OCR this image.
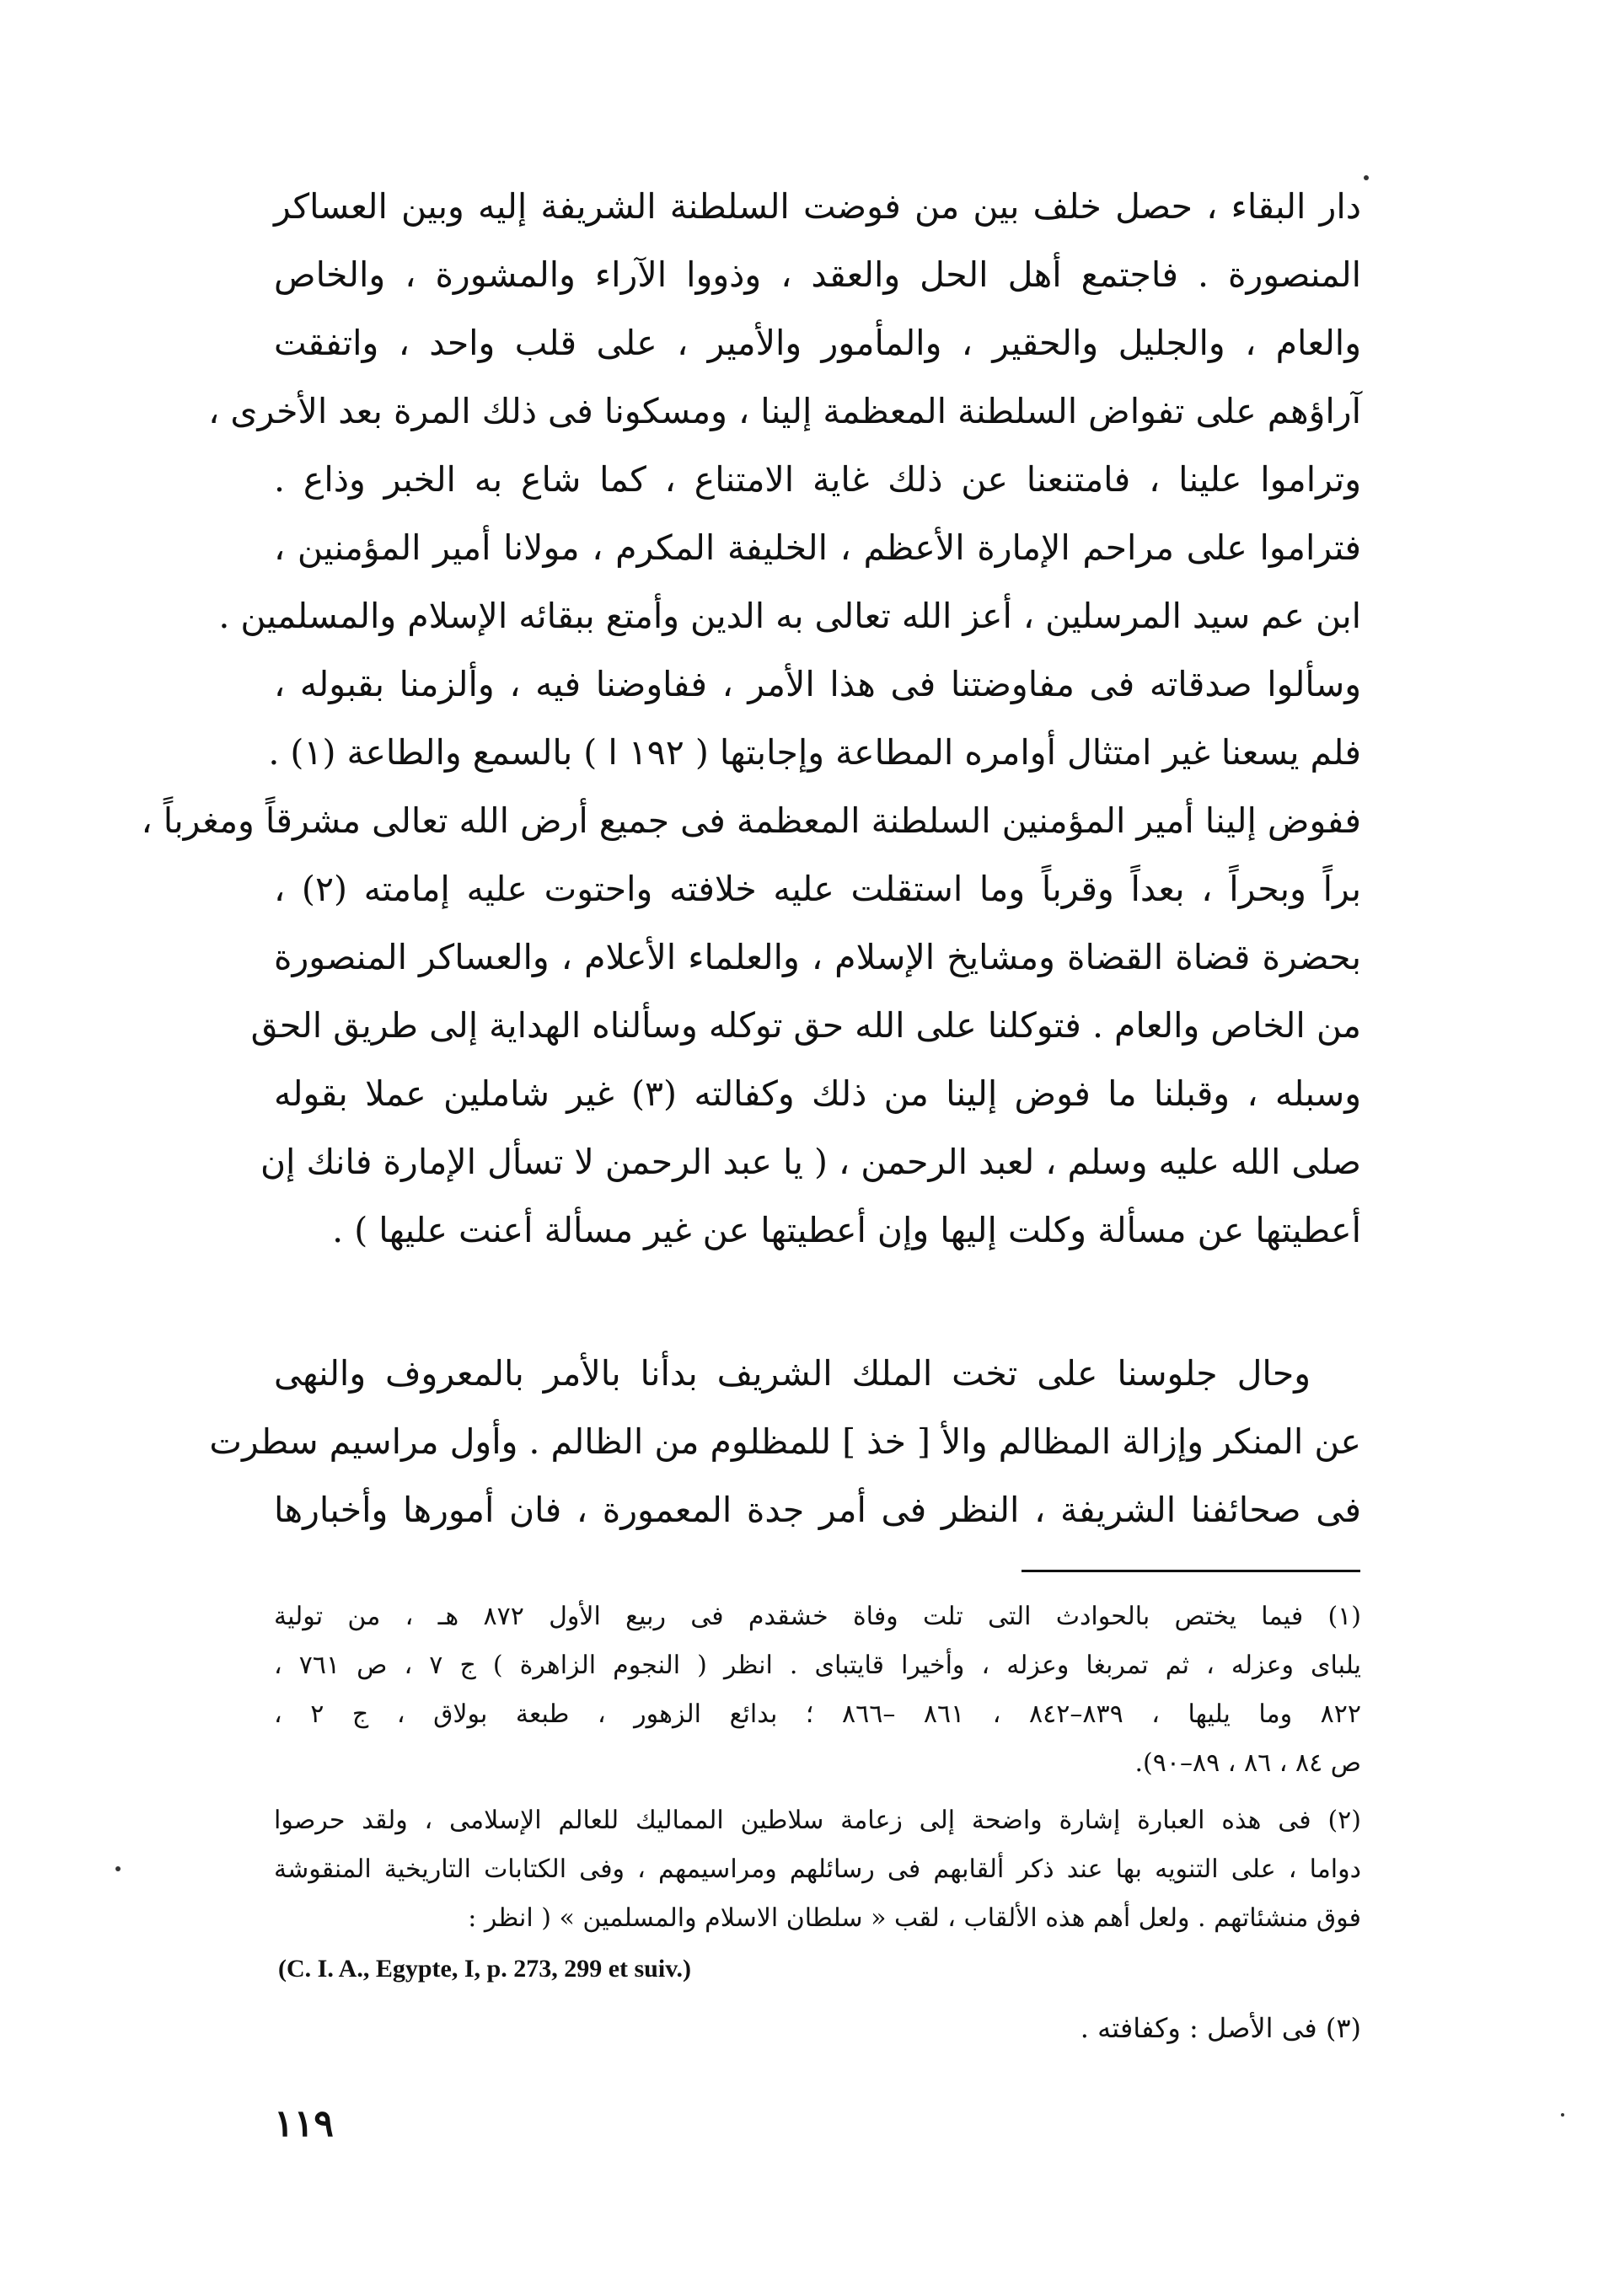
دار البقاء ، حصل خلف بين من فوضت السلطنة الشريفة إليه وبين العساكر
المنصورة . فاجتمع أهل الحل والعقد ، وذووا الآراء والمشورة ، والخاص
والعام ، والجليل والحقير ، والمأمور والأمير ، على قلب واحد ، واتفقت
آراؤهم على تفواض السلطنة المعظمة إلينا ، ومسكونا فى ذلك المرة بعد الأخرى ،
وتراموا علينا ، فامتنعنا عن ذلك غاية الامتناع ، كما شاع به الخبر وذاع .
فتراموا على مراحم الإمارة الأعظم ، الخليفة المكرم ، مولانا أمير المؤمنين ،
ابن عم سيد المرسلين ، أعز الله تعالى به الدين وأمتع ببقائه الإسلام والمسلمين .
وسألوا صدقاته فى مفاوضتنا فى هذا الأمر ، ففاوضنا فيه ، وألزمنا بقبوله ،
فلم يسعنا غير امتثال أوامره المطاعة وإجابتها ( ١٩٢ ا ) بالسمع والطاعة (١) .
ففوض إلينا أمير المؤمنين السلطنة المعظمة فى جميع أرض الله تعالى مشرقاً ومغرباً ،
براً وبحراً ، بعداً وقرباً وما استقلت عليه خلافته واحتوت عليه إمامته (٢) ،
بحضرة قضاة القضاة ومشايخ الإسلام ، والعلماء الأعلام ، والعساكر المنصورة
من الخاص والعام . فتوكلنا على الله حق توكله وسألناه الهداية إلى طريق الحق
وسبله ، وقبلنا ما فوض إلينا من ذلك وكفالته (٣) غير شاملين عملا بقوله
صلى الله عليه وسلم ، لعبد الرحمن ، ( يا عبد الرحمن لا تسأل الإمارة فانك إن
أعطيتها عن مسألة وكلت إليها وإن أعطيتها عن غير مسألة أعنت عليها ) .
وحال جلوسنا على تخت الملك الشريف بدأنا بالأمر بالمعروف والنهى
عن المنكر وإزالة المظالم والأ [ خذ ] للمظلوم من الظالم . وأول مراسيم سطرت
فى صحائفنا الشريفة ، النظر فى أمر جدة المعمورة ، فان أمورها وأخبارها
(١) فيما يختص بالحوادث التى تلت وفاة خشقدم فى ربيع الأول ٨٧٢ هـ ، من تولية
يلباى وعزله ، ثم تمربغا وعزله ، وأخيرا قايتباى . انظر ( النجوم الزاهرة ) ج ٧ ، ص ٧٦١ ،
٨٢٢ وما يليها ، ٨٣٩–٨٤٢ ، ٨٦١ –٨٦٦ ؛ بدائع الزهور ، طبعة بولاق ، ج ٢ ،
ص ٨٤ ، ٨٦ ، ٨٩–٩٠).
(٢) فى هذه العبارة إشارة واضحة إلى زعامة سلاطين المماليك للعالم الإسلامى ، ولقد حرصوا
دواما ، على التنويه بها عند ذكر ألقابهم فى رسائلهم ومراسيمهم ، وفى الكتابات التاريخية المنقوشة
فوق منشئاتهم . ولعل أهم هذه الألقاب ، لقب « سلطان الاسلام والمسلمين » ( انظر :
(C. I. A., Egypte, I, p. 273, 299 et suiv.)
(٣) فى الأصل : وكفافته .
١١٩
